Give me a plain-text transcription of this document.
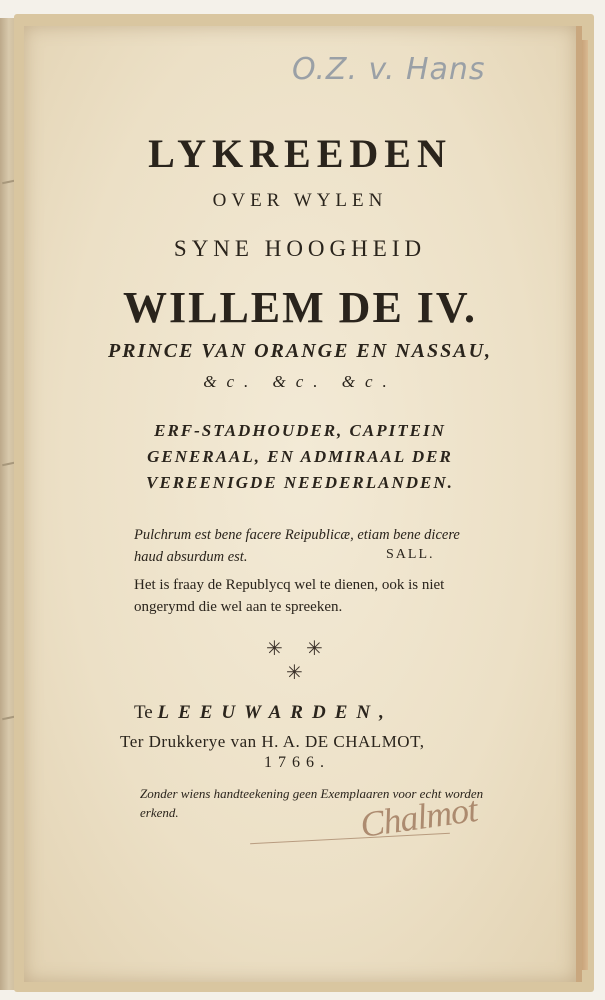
O.Z. v. Hans
LYKREEDEN
OVER WYLEN
SYNE HOOGHEID
WILLEM DE IV.
PRINCE VAN ORANGE EN NASSAU,
&c. &c. &c.
ERF-STADHOUDER, CAPITEIN
GENERAAL, EN ADMIRAAL DER
VEREENIGDE NEEDERLANDEN.
Pulchrum est bene facere Reipublicæ, etiam bene dicere haud absurdum est.	SALL.
Het is fraay de Republycq wel te dienen, ook is niet ongerymd die wel aan te spreeken.
✳ ✳
✳
Te LEEUWARDEN,
Ter Drukkerye van H. A. DE CHALMOT,
1766.
Zonder wiens handteekening geen Exemplaaren voor echt worden erkend.	Chalmot
